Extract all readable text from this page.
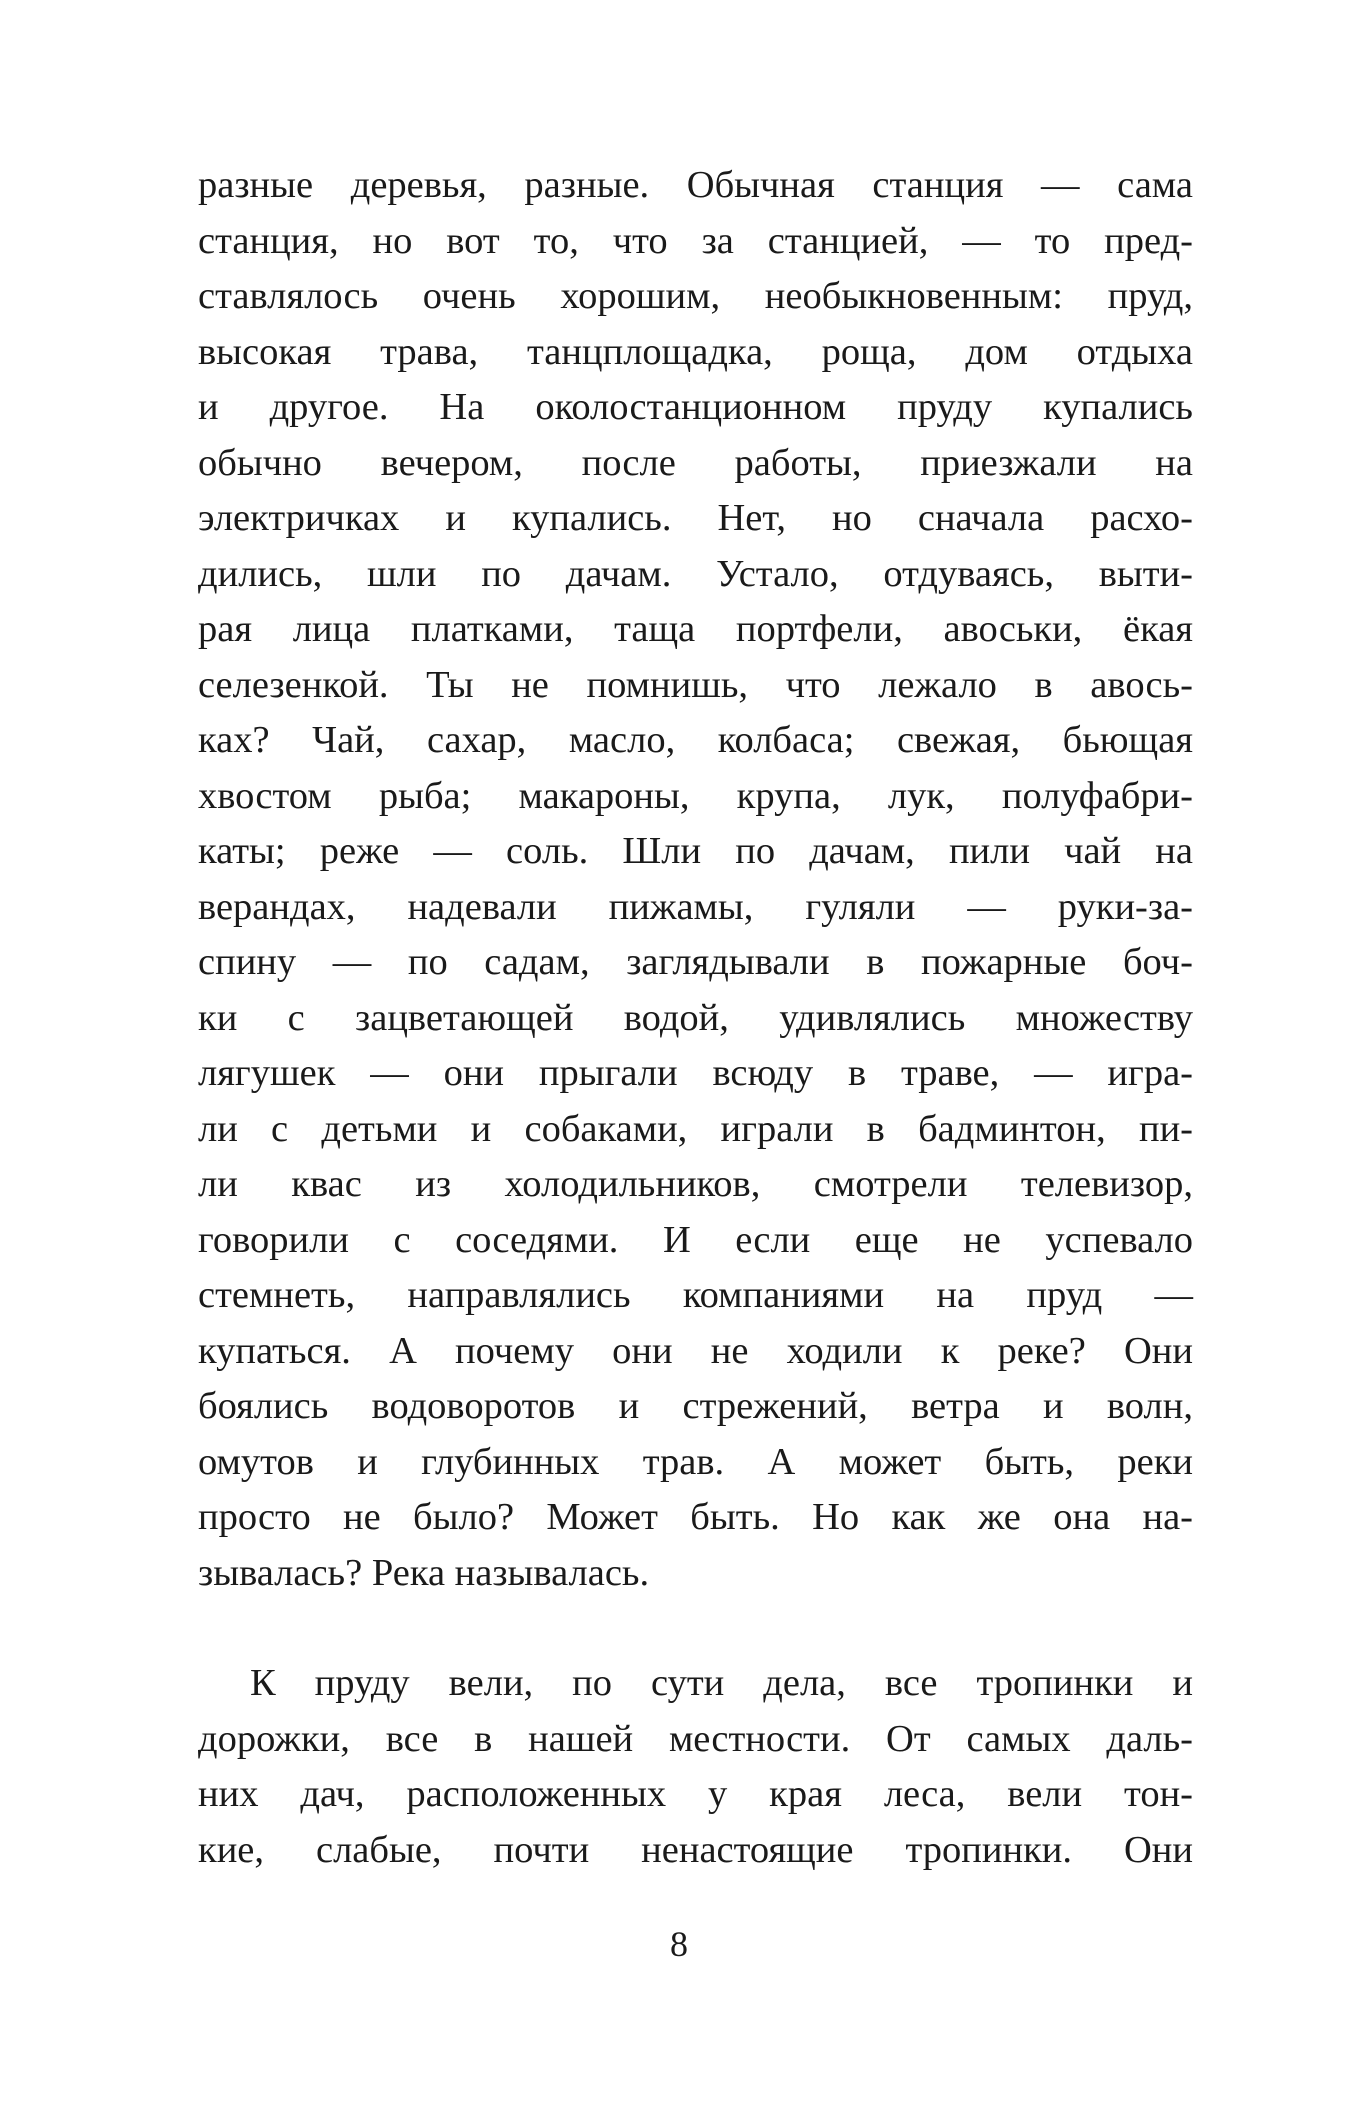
разные деревья, разные. Обычная станция — сама
станция, но вот то, что за станцией, — то пред-
ставлялось очень хорошим, необыкновенным: пруд,
высокая трава, танцплощадка, роща, дом отдыха
и другое. На околостанционном пруду купались
обычно вечером, после работы, приезжали на
электричках и купались. Нет, но сначала расхо-
дились, шли по дачам. Устало, отдуваясь, выти-
рая лица платками, таща портфели, авоськи, ёкая
селезенкой. Ты не помнишь, что лежало в авось-
ках? Чай, сахар, масло, колбаса; свежая, бьющая
хвостом рыба; макароны, крупа, лук, полуфабри-
каты; реже — соль. Шли по дачам, пили чай на
верандах, надевали пижамы, гуляли — руки-за-
спину — по садам, заглядывали в пожарные боч-
ки с зацветающей водой, удивлялись множеству
лягушек — они прыгали всюду в траве, — игра-
ли с детьми и собаками, играли в бадминтон, пи-
ли квас из холодильников, смотрели телевизор,
говорили с соседями. И если еще не успевало
стемнеть, направлялись компаниями на пруд —
купаться. А почему они не ходили к реке? Они
боялись водоворотов и стрежений, ветра и волн,
омутов и глубинных трав. А может быть, реки
просто не было? Может быть. Но как же она на-
зывалась? Река называлась.
К пруду вели, по сути дела, все тропинки и
дорожки, все в нашей местности. От самых даль-
них дач, расположенных у края леса, вели тон-
кие, слабые, почти ненастоящие тропинки. Они
8
